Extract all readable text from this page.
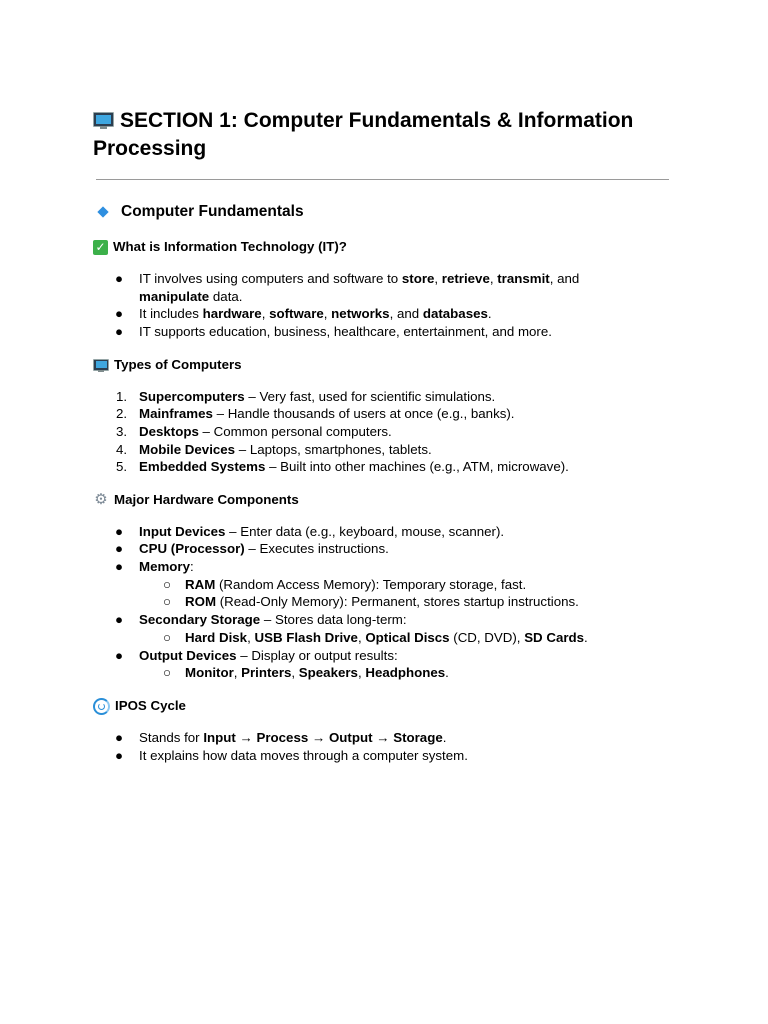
SECTION 1: Computer Fundamentals & Information Processing
Computer Fundamentals
✓ What is Information Technology (IT)?
●	IT involves using computers and software to store, retrieve, transmit, and
manipulate data.
●	It includes hardware, software, networks, and databases.
●	IT supports education, business, healthcare, entertainment, and more.
Types of Computers
1. Supercomputers – Very fast, used for scientific simulations.
2. Mainframes – Handle thousands of users at once (e.g., banks).
3. Desktops – Common personal computers.
4. Mobile Devices – Laptops, smartphones, tablets.
5. Embedded Systems – Built into other machines (e.g., ATM, microwave).
⚙ Major Hardware Components
●	Input Devices – Enter data (e.g., keyboard, mouse, scanner).
●	CPU (Processor) – Executes instructions.
●	Memory:
○	RAM (Random Access Memory): Temporary storage, fast.
○	ROM (Read-Only Memory): Permanent, stores startup instructions.
●	Secondary Storage – Stores data long-term:
○	Hard Disk, USB Flash Drive, Optical Discs (CD, DVD), SD Cards.
●	Output Devices – Display or output results:
○	Monitor, Printers, Speakers, Headphones.
IPOS Cycle
●	Stands for Input → Process → Output → Storage.
●	It explains how data moves through a computer system.
